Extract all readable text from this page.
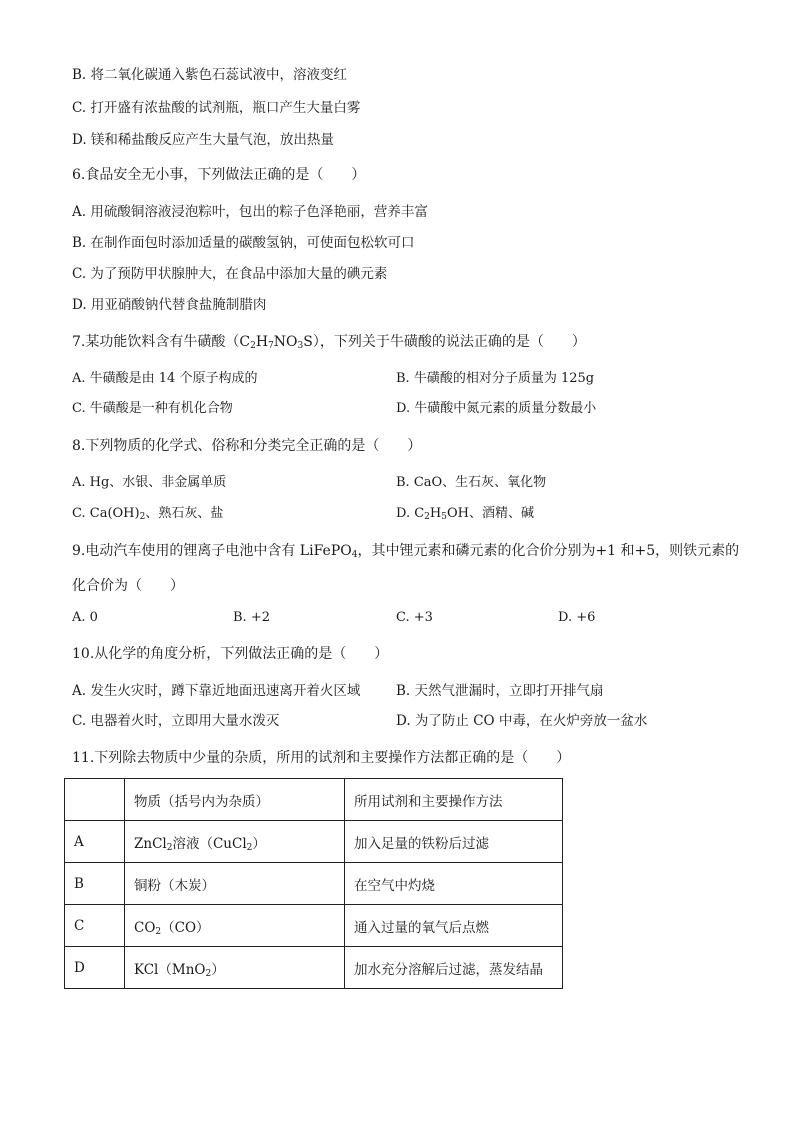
B. 将二氧化碳通入紫色石蕊试液中，溶液变红
C. 打开盛有浓盐酸的试剂瓶，瓶口产生大量白雾
D. 镁和稀盐酸反应产生大量气泡，放出热量
6.食品安全无小事，下列做法正确的是（　　）
A. 用硫酸铜溶液浸泡粽叶，包出的粽子色泽艳丽，营养丰富
B. 在制作面包时添加适量的碳酸氢钠，可使面包松软可口
C. 为了预防甲状腺肿大，在食品中添加大量的碘元素
D. 用亚硝酸钠代替食盐腌制腊肉
7.某功能饮料含有牛磺酸$(C_2H_7NO_3S)$，下列关于牛磺酸的说法正确的是（　　）
A. 牛磺酸是由 14 个原子构成的	B. 牛磺酸的相对分子质量为 125g
C. 牛磺酸是一种有机化合物	D. 牛磺酸中氮元素的质量分数最小
8.下列物质的化学式、俗称和分类完全正确的是（　　）
A. Hg、水银、非金属单质	B. CaO、生石灰、氧化物
C. $Ca(OH)_2$、熟石灰、盐	D. $C_2H_5OH$、酒精、碱
9.电动汽车使用的锂离子电池中含有 LiFePO$_4$，其中锂元素和磷元素的化合价分别为+1 和+5，则铁元素的
化合价为（　　）
A. 0	B. +2	C. +3	D. +6
10.从化学的角度分析，下列做法正确的是（　　）
A. 发生火灾时，蹲下靠近地面迅速离开着火区域	B. 天然气泄漏时，立即打开排气扇
C. 电器着火时，立即用大量水泼灭	D. 为了防止 CO 中毒，在火炉旁放一盆水
11.下列除去物质中少量的杂质，所用的试剂和主要操作方法都正确的是（　　）
	物质（括号内为杂质）	所用试剂和主要操作方法
A	ZnCl$_2$溶液（CuCl$_2$）	加入足量的铁粉后过滤
B	铜粉（木炭）	在空气中灼烧
C	$CO_2(CO)$	通入过量的氧气后点燃
D	KCl（MnO$_2$）	加水充分溶解后过滤，蒸发结晶
